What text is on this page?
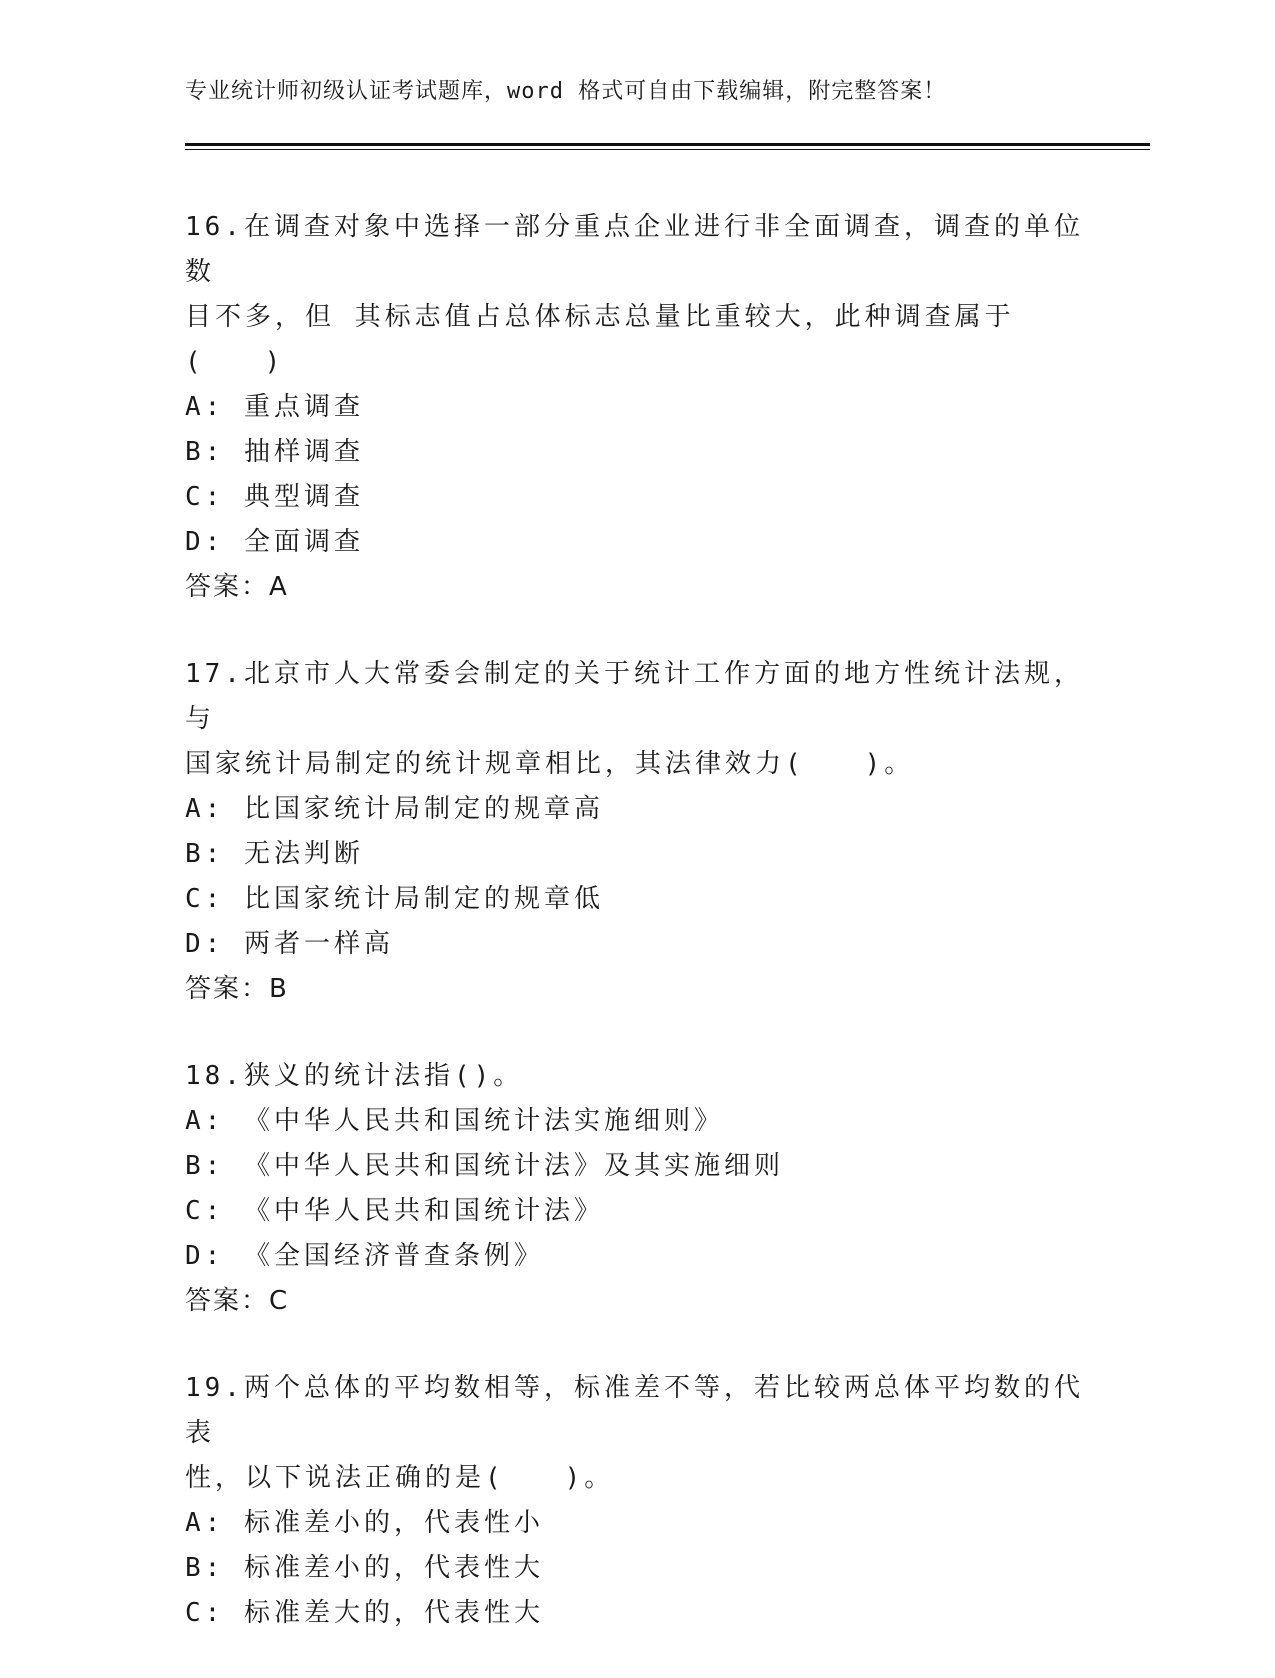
专业统计师初级认证考试题库，word 格式可自由下载编辑，附完整答案！
16.在调查对象中选择一部分重点企业进行非全面调查，调查的单位数
目不多，但 其标志值占总体标志总量比重较大，此种调查属于(　　)
A: 重点调查
B: 抽样调查
C: 典型调查
D: 全面调查
答案：A
17.北京市人大常委会制定的关于统计工作方面的地方性统计法规，与
国家统计局制定的统计规章相比，其法律效力(　　)。
A: 比国家统计局制定的规章高
B: 无法判断
C: 比国家统计局制定的规章低
D: 两者一样高
答案：B
18.狭义的统计法指()。
A: 《中华人民共和国统计法实施细则》
B: 《中华人民共和国统计法》及其实施细则
C: 《中华人民共和国统计法》
D: 《全国经济普查条例》
答案：C
19.两个总体的平均数相等，标准差不等，若比较两总体平均数的代表
性，以下说法正确的是(　　)。
A: 标准差小的，代表性小
B: 标准差小的，代表性大
C: 标准差大的，代表性大
